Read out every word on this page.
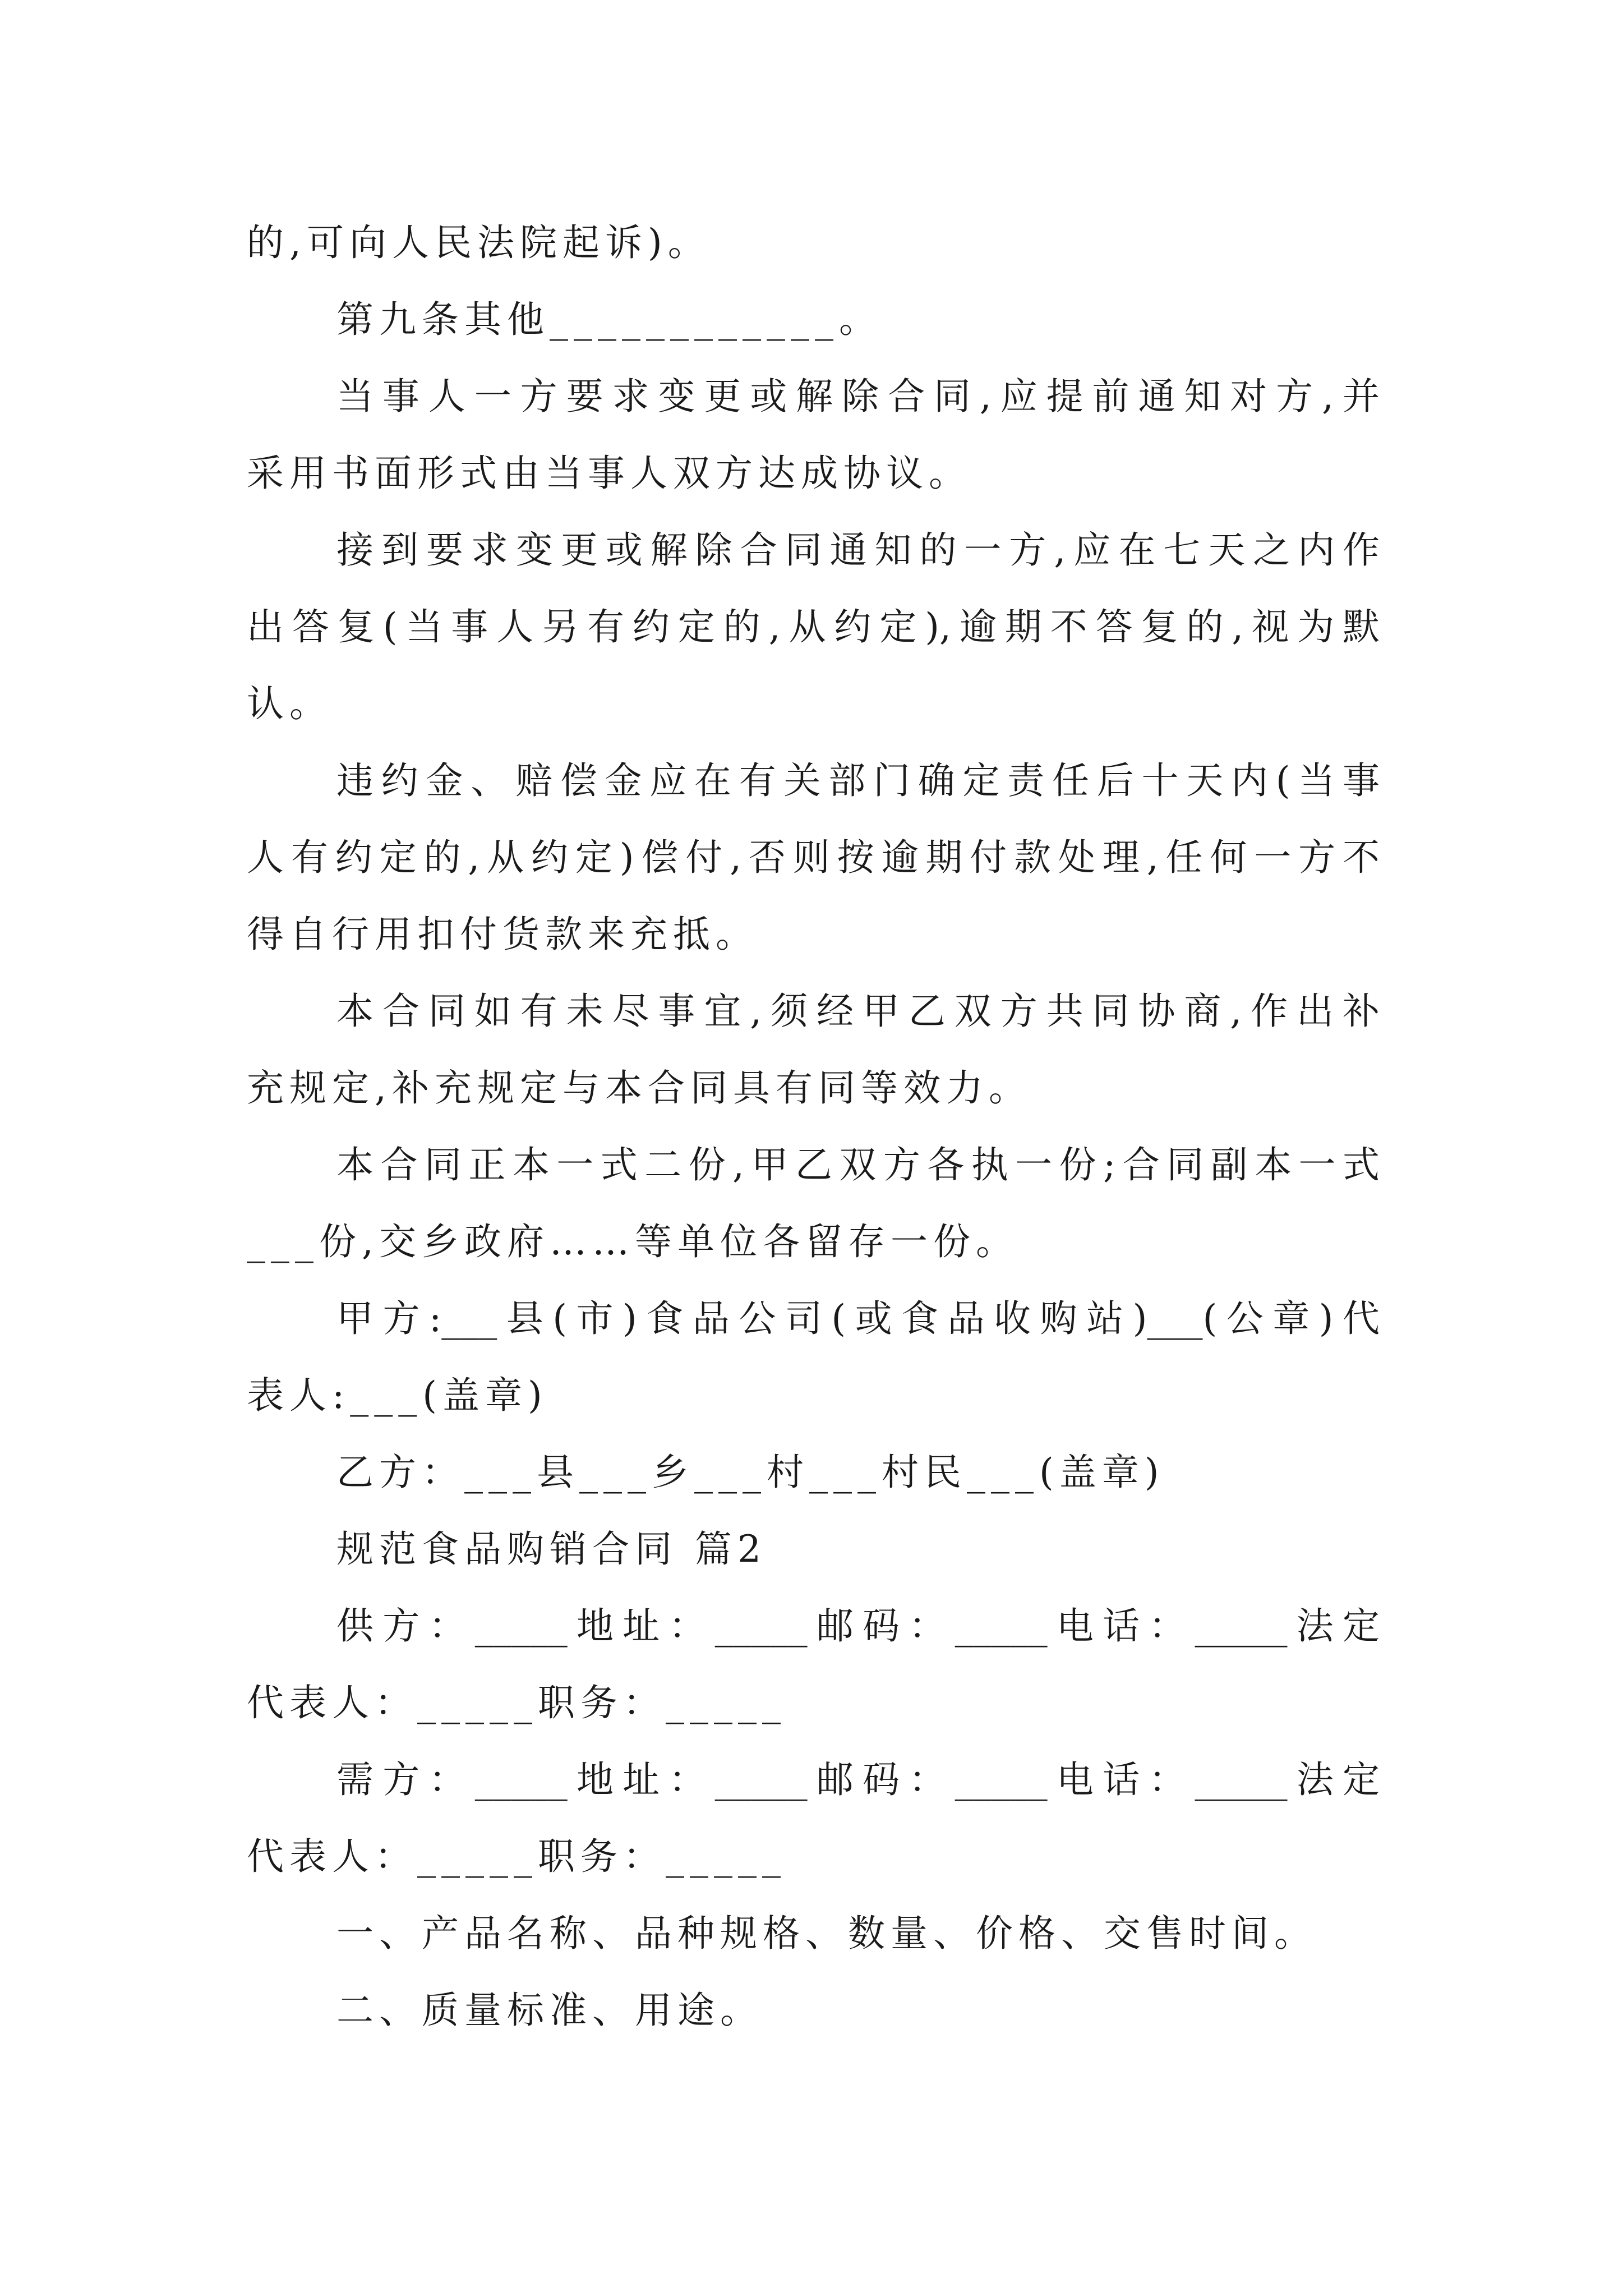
的,可向人民法院起诉)。
第九条其他____________。
当事人一方要求变更或解除合同,应提前通知对方,并
采用书面形式由当事人双方达成协议。
接到要求变更或解除合同通知的一方,应在七天之内作
出答复(当事人另有约定的,从约定),逾期不答复的,视为默
认。
违约金、赔偿金应在有关部门确定责任后十天内(当事
人有约定的,从约定)偿付,否则按逾期付款处理,任何一方不
得自行用扣付货款来充抵。
本合同如有未尽事宜,须经甲乙双方共同协商,作出补
充规定,补充规定与本合同具有同等效力。
本合同正本一式二份,甲乙双方各执一份;合同副本一式
___份,交乡政府……等单位各留存一份。
甲方:___县(市)食品公司(或食品收购站)___(公章)代
表人:___(盖章)
乙方：___县___乡___村___村民___(盖章)
规范食品购销合同 篇2
供方：_____地址：_____邮码：_____电话：_____法定
代表人：_____职务：_____
需方：_____地址：_____邮码：_____电话：_____法定
代表人：_____职务：_____
一、产品名称、品种规格、数量、价格、交售时间。
二、质量标准、用途。
